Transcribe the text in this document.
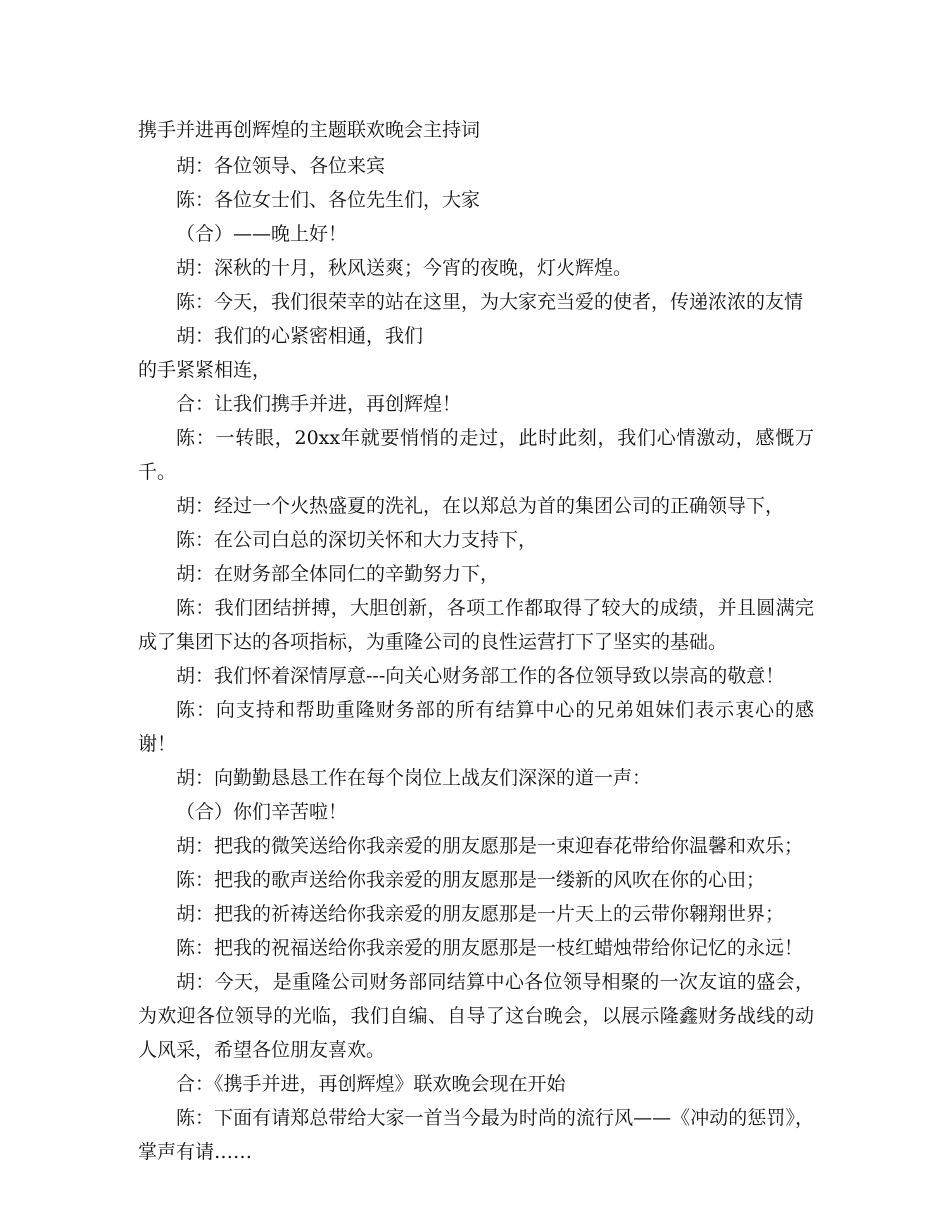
携手并进再创辉煌的主题联欢晚会主持词

胡：各位领导、各位来宾

陈：各位女士们、各位先生们，大家

（合）——晚上好！

胡：深秋的十月，秋风送爽；今宵的夜晚，灯火辉煌。

陈：今天，我们很荣幸的站在这里，为大家充当爱的使者，传递浓浓的友情

胡：我们的心紧密相通，我们

的手紧紧相连，

合：让我们携手并进，再创辉煌！

陈：一转眼，20xx年就要悄悄的走过，此时此刻，我们心情激动，感慨万千。

胡：经过一个火热盛夏的洗礼，在以郑总为首的集团公司的正确领导下，

陈：在公司白总的深切关怀和大力支持下，

胡：在财务部全体同仁的辛勤努力下，

陈：我们团结拼搏，大胆创新，各项工作都取得了较大的成绩，并且圆满完成了集团下达的各项指标，为重隆公司的良性运营打下了坚实的基础。

胡：我们怀着深情厚意---向关心财务部工作的各位领导致以崇高的敬意！

陈：向支持和帮助重隆财务部的所有结算中心的兄弟姐妹们表示衷心的感谢！

胡：向勤勤恳恳工作在每个岗位上战友们深深的道一声：

（合）你们辛苦啦！

胡：把我的微笑送给你我亲爱的朋友愿那是一束迎春花带给你温馨和欢乐；

陈：把我的歌声送给你我亲爱的朋友愿那是一缕新的风吹在你的心田；

胡：把我的祈祷送给你我亲爱的朋友愿那是一片天上的云带你翱翔世界；

陈：把我的祝福送给你我亲爱的朋友愿那是一枝红蜡烛带给你记忆的永远！

胡：今天，是重隆公司财务部同结算中心各位领导相聚的一次友谊的盛会，为欢迎各位领导的光临，我们自编、自导了这台晚会，以展示隆鑫财务战线的动人风采，希望各位朋友喜欢。

合：《携手并进，再创辉煌》联欢晚会现在开始

陈：下面有请郑总带给大家一首当今最为时尚的流行风——《冲动的惩罚》，掌声有请……
